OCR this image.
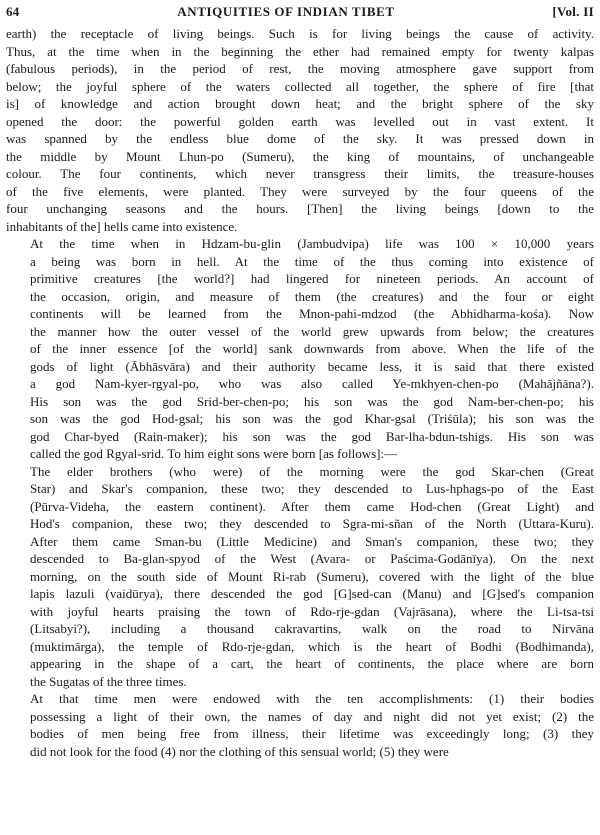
64	ANTIQUITIES OF INDIAN TIBET	[Vol. II

earth) the receptacle of living beings. Such is for living beings the cause of activity.
Thus, at the time when in the beginning the ether had remained empty for twenty kalpas
(fabulous periods), in the period of rest, the moving atmosphere gave support from
below; the joyful sphere of the waters collected all together, the sphere of fire [that
is] of knowledge and action brought down heat; and the bright sphere of the sky
opened the door: the powerful golden earth was levelled out in vast extent. It
was spanned by the endless blue dome of the sky. It was pressed down in
the middle by Mount Lhun-po (Sumeru), the king of mountains, of unchangeable
colour. The four continents, which never transgress their limits, the treasure-houses
of the five elements, were planted. They were surveyed by the four queens of the
four unchanging seasons and the hours. [Then] the living beings [down to the
inhabitants of the] hells came into existence.

At the time when in Hdzam-bu-glin (Jambudvipa) life was 100 × 10,000 years
a being was born in hell. At the time of the thus coming into existence of
primitive creatures [the world?] had lingered for nineteen periods. An account of
the occasion, origin, and measure of them (the creatures) and the four or eight
continents will be learned from the Mnon-pahi-mdzod (the Abhidharma-kośa). Now
the manner how the outer vessel of the world grew upwards from below; the creatures
of the inner essence [of the world] sank downwards from above. When the life of the
gods of light (Ābhāsvāra) and their authority became less, it is said that there existed
a god Nam-kyer-rgyal-po, who was also called Ye-mkhyen-chen-po (Mahājñāna?).
His son was the god Srid-ber-chen-po; his son was the god Nam-ber-chen-po; his
son was the god Hod-gsal; his son was the god Khar-gsal (Triśūla); his son was the
god Char-byed (Rain-maker); his son was the god Bar-lha-bdun-tshigs. His son was
called the god Rgyal-srid. To him eight sons were born [as follows]:—

The elder brothers (who were) of the morning were the god Skar-chen (Great
Star) and Skar's companion, these two; they descended to Lus-hphags-po of the East
(Pūrva-Videha, the eastern continent). After them came Hod-chen (Great Light) and
Hod's companion, these two; they descended to Sgra-mi-sñan of the North (Uttara-Kuru).
After them came Sman-bu (Little Medicine) and Sman's companion, these two; they
descended to Ba-glan-spyod of the West (Avara- or Paścima-Godānīya). On the next
morning, on the south side of Mount Ri-rab (Sumeru), covered with the light of the blue
lapis lazuli (vaidūrya), there descended the god [G]sed-can (Manu) and [G]sed's companion
with joyful hearts praising the town of Rdo-rje-gdan (Vajrāsana), where the Li-tsa-tsi
(Litsabyi?), including a thousand cakravartins, walk on the road to Nirvāna
(muktimārga), the temple of Rdo-rje-gdan, which is the heart of Bodhi (Bodhimanda),
appearing in the shape of a cart, the heart of continents, the place where are born
the Sugatas of the three times.

At that time men were endowed with the ten accomplishments: (1) their bodies
possessing a light of their own, the names of day and night did not yet exist; (2) the
bodies of men being free from illness, their lifetime was exceedingly long; (3) they
did not look for the food (4) nor the clothing of this sensual world; (5) they were
